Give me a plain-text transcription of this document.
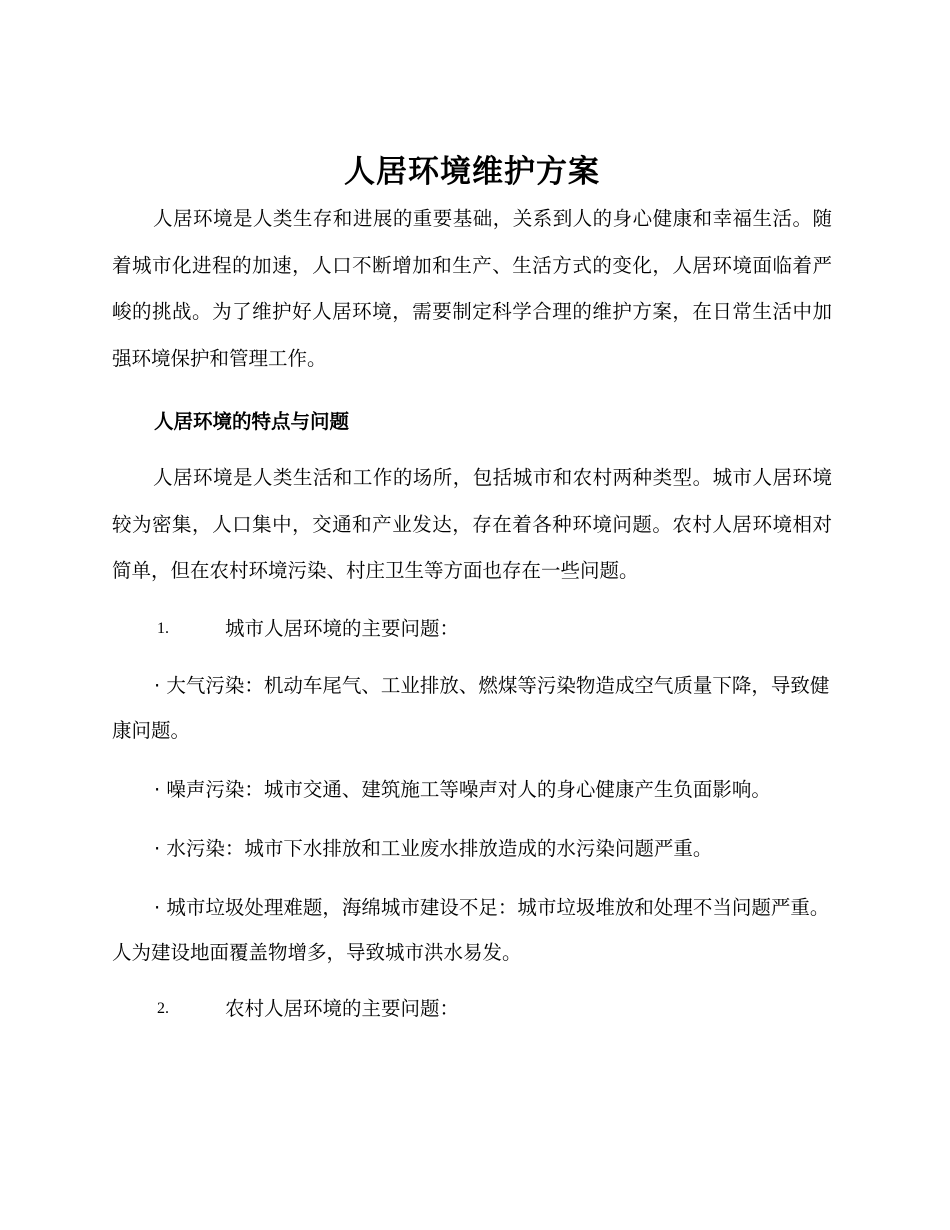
人居环境维护方案

人居环境是人类生存和进展的重要基础，关系到人的身心健康和幸福生活。随着城市化进程的加速，人口不断增加和生产、生活方式的变化，人居环境面临着严峻的挑战。为了维护好人居环境，需要制定科学合理的维护方案，在日常生活中加强环境保护和管理工作。

人居环境的特点与问题

人居环境是人类生活和工作的场所，包括城市和农村两种类型。城市人居环境较为密集，人口集中，交通和产业发达，存在着各种环境问题。农村人居环境相对简单，但在农村环境污染、村庄卫生等方面也存在一些问题。

1.	城市人居环境的主要问题：

· 大气污染：机动车尾气、工业排放、燃煤等污染物造成空气质量下降，导致健康问题。

· 噪声污染：城市交通、建筑施工等噪声对人的身心健康产生负面影响。

· 水污染：城市下水排放和工业废水排放造成的水污染问题严重。

· 城市垃圾处理难题，海绵城市建设不足：城市垃圾堆放和处理不当问题严重。人为建设地面覆盖物增多，导致城市洪水易发。

2.	农村人居环境的主要问题：
